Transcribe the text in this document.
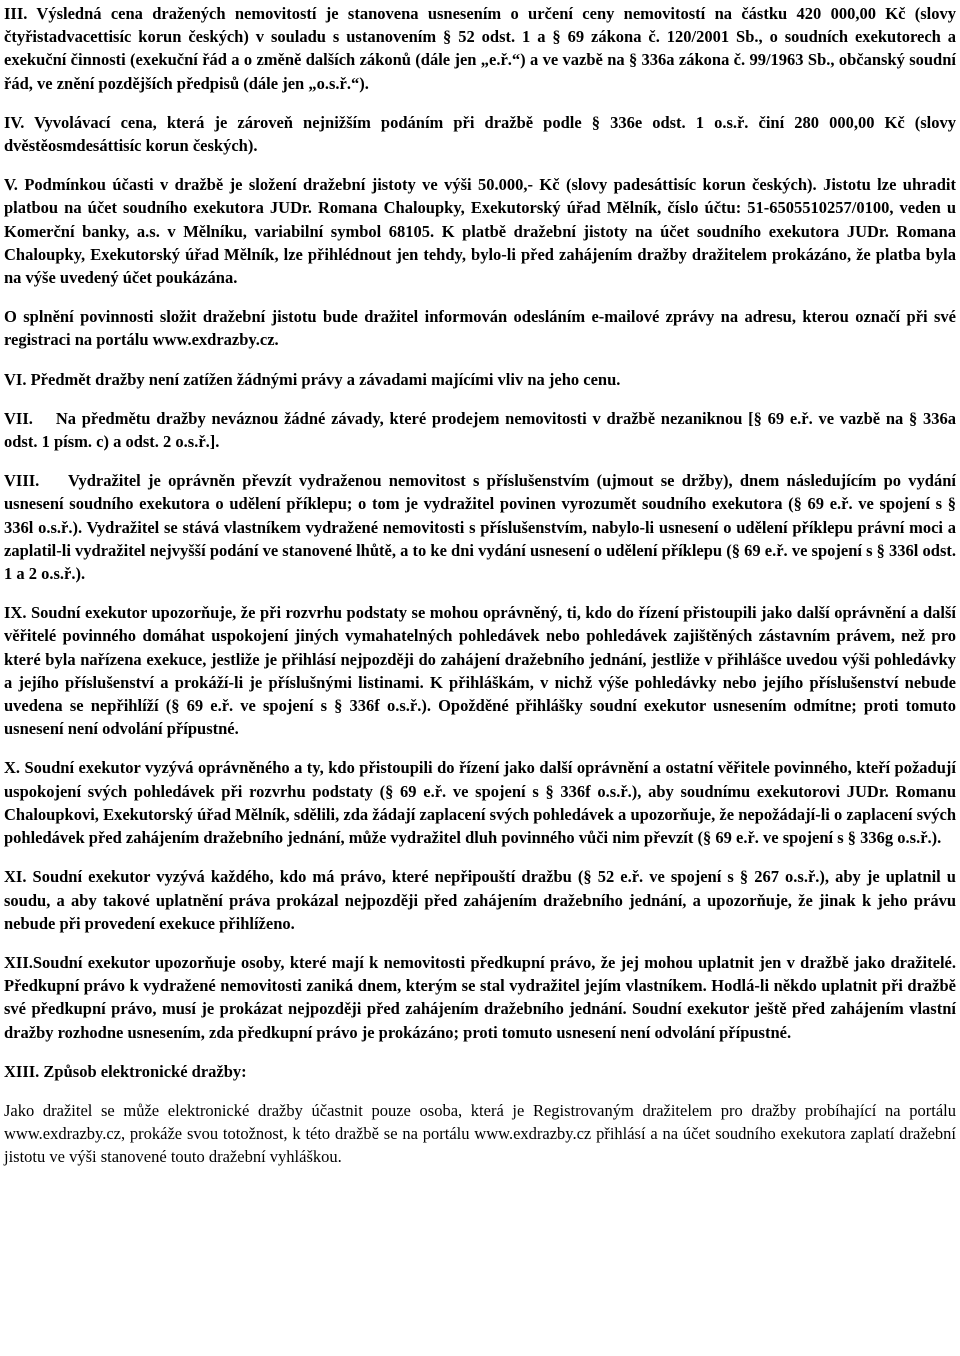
III. Výsledná cena dražených nemovitostí je stanovena usnesením o určení ceny nemovitostí na částku 420 000,00 Kč (slovy čtyřistadvacettisíc korun českých) v souladu s ustanovením § 52 odst. 1 a § 69 zákona č. 120/2001 Sb., o soudních exekutorech a exekuční činnosti (exekuční řád a o změně dalších zákonů (dále jen „e.ř.“) a ve vazbě na § 336a zákona č. 99/1963 Sb., občanský soudní řád, ve znění pozdějších předpisů (dále jen „o.s.ř.“).

IV. Vyvolávací cena, která je zároveň nejnižším podáním při dražbě podle § 336e odst. 1 o.s.ř. činí 280 000,00 Kč (slovy dvěstěosmdesáttisíc korun českých).

V. Podmínkou účasti v dražbě je složení dražební jistoty ve výši 50.000,- Kč (slovy padesáttisíc korun českých). Jistotu lze uhradit platbou na účet soudního exekutora JUDr. Romana Chaloupky, Exekutorský úřad Mělník, číslo účtu: 51-6505510257/0100, veden u Komerční banky, a.s. v Mělníku, variabilní symbol 68105. K platbě dražební jistoty na účet soudního exekutora JUDr. Romana Chaloupky, Exekutorský úřad Mělník, lze přihlédnout jen tehdy, bylo-li před zahájením dražby dražitelem prokázáno, že platba byla na výše uvedený účet poukázána.

O splnění povinnosti složit dražební jistotu bude dražitel informován odesláním e-mailové zprávy na adresu, kterou označí při své registraci na portálu www.exdrazby.cz.

VI. Předmět dražby není zatížen žádnými právy a závadami majícími vliv na jeho cenu.

VII.    Na předmětu dražby neváznou žádné závady, které prodejem nemovitosti v dražbě nezaniknou [§ 69 e.ř. ve vazbě na § 336a odst. 1 písm. c) a odst. 2 o.s.ř.].

VIII.    Vydražitel je oprávněn převzít vydraženou nemovitost s příslušenstvím (ujmout se držby), dnem následujícím po vydání usnesení soudního exekutora o udělení příklepu; o tom je vydražitel povinen vyrozumět soudního exekutora (§ 69 e.ř. ve spojení s § 336l o.s.ř.). Vydražitel se stává vlastníkem vydražené nemovitosti s příslušenstvím, nabylo-li usnesení o udělení příklepu právní moci a zaplatil-li vydražitel nejvyšší podání ve stanovené lhůtě, a to ke dni vydání usnesení o udělení příklepu (§ 69 e.ř. ve spojení s § 336l odst. 1 a 2 o.s.ř.).

IX. Soudní exekutor upozorňuje, že při rozvrhu podstaty se mohou oprávněný, ti, kdo do řízení přistoupili jako další oprávnění a další věřitelé povinného domáhat uspokojení jiných vymahatelných pohledávek nebo pohledávek zajištěných zástavním právem, než pro které byla nařízena exekuce, jestliže je přihlásí nejpozději do zahájení dražebního jednání, jestliže v přihlášce uvedou výši pohledávky a jejího příslušenství a prokáží-li je příslušnými listinami. K přihláškám, v nichž výše pohledávky nebo jejího příslušenství nebude uvedena se nepřihlíží (§ 69 e.ř. ve spojení s § 336f o.s.ř.). Opožděné přihlášky soudní exekutor usnesením odmítne; proti tomuto usnesení není odvolání přípustné.

X. Soudní exekutor vyzývá oprávněného a ty, kdo přistoupili do řízení jako další oprávnění a ostatní věřitele povinného, kteří požadují uspokojení svých pohledávek při rozvrhu podstaty (§ 69 e.ř. ve spojení s § 336f o.s.ř.), aby soudnímu exekutorovi JUDr. Romanu Chaloupkovi, Exekutorský úřad Mělník, sdělili, zda žádají zaplacení svých pohledávek a upozorňuje, že nepožádají-li o zaplacení svých pohledávek před zahájením dražebního jednání, může vydražitel dluh povinného vůči nim převzít (§ 69 e.ř. ve spojení s § 336g o.s.ř.).

XI. Soudní exekutor vyzývá každého, kdo má právo, které nepřipouští dražbu (§ 52 e.ř. ve spojení s § 267 o.s.ř.), aby je uplatnil u soudu, a aby takové uplatnění práva prokázal nejpozději před zahájením dražebního jednání, a upozorňuje, že jinak k jeho právu nebude při provedení exekuce přihlíženo.

XII.Soudní exekutor upozorňuje osoby, které mají k nemovitosti předkupní právo, že jej mohou uplatnit jen v dražbě jako dražitelé. Předkupní právo k vydražené nemovitosti zaniká dnem, kterým se stal vydražitel jejím vlastníkem. Hodlá-li někdo uplatnit při dražbě své předkupní právo, musí je prokázat nejpozději před zahájením dražebního jednání. Soudní exekutor ještě před zahájením vlastní dražby rozhodne usnesením, zda předkupní právo je prokázáno; proti tomuto usnesení není odvolání přípustné.

XIII. Způsob elektronické dražby:

Jako dražitel se může elektronické dražby účastnit pouze osoba, která je Registrovaným dražitelem pro dražby probíhající na portálu www.exdrazby.cz, prokáže svou totožnost, k této dražbě se na portálu www.exdrazby.cz přihlásí a na účet soudního exekutora zaplatí dražební jistotu ve výši stanovené touto dražební vyhláškou.
